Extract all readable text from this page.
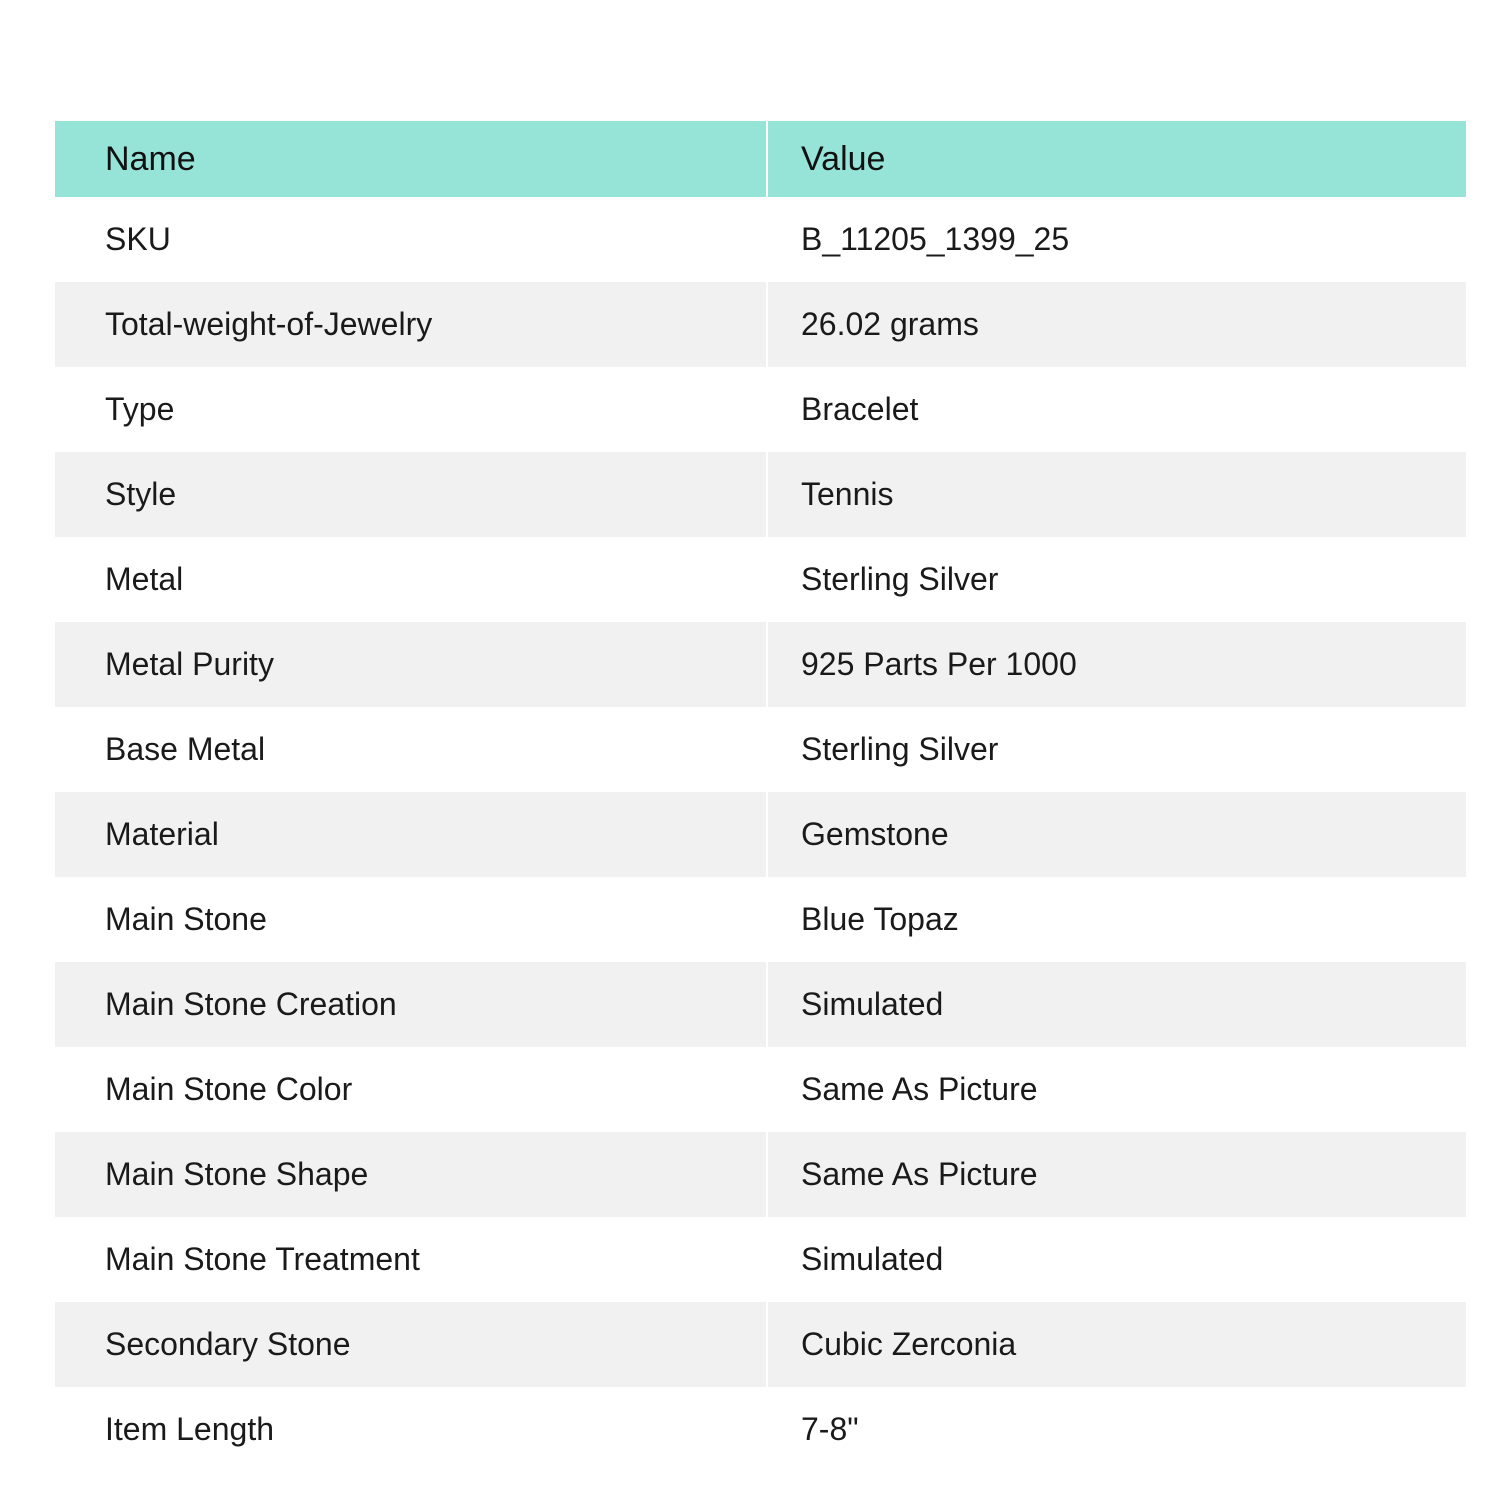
Name	Value
SKU	B_11205_1399_25
Total-weight-of-Jewelry	26.02 grams
Type	Bracelet
Style	Tennis
Metal	Sterling Silver
Metal Purity	925 Parts Per 1000
Base Metal	Sterling Silver
Material	Gemstone
Main Stone	Blue Topaz
Main Stone Creation	Simulated
Main Stone Color	Same As Picture
Main Stone Shape	Same As Picture
Main Stone Treatment	Simulated
Secondary Stone	Cubic Zerconia
Item Length	7-8"
